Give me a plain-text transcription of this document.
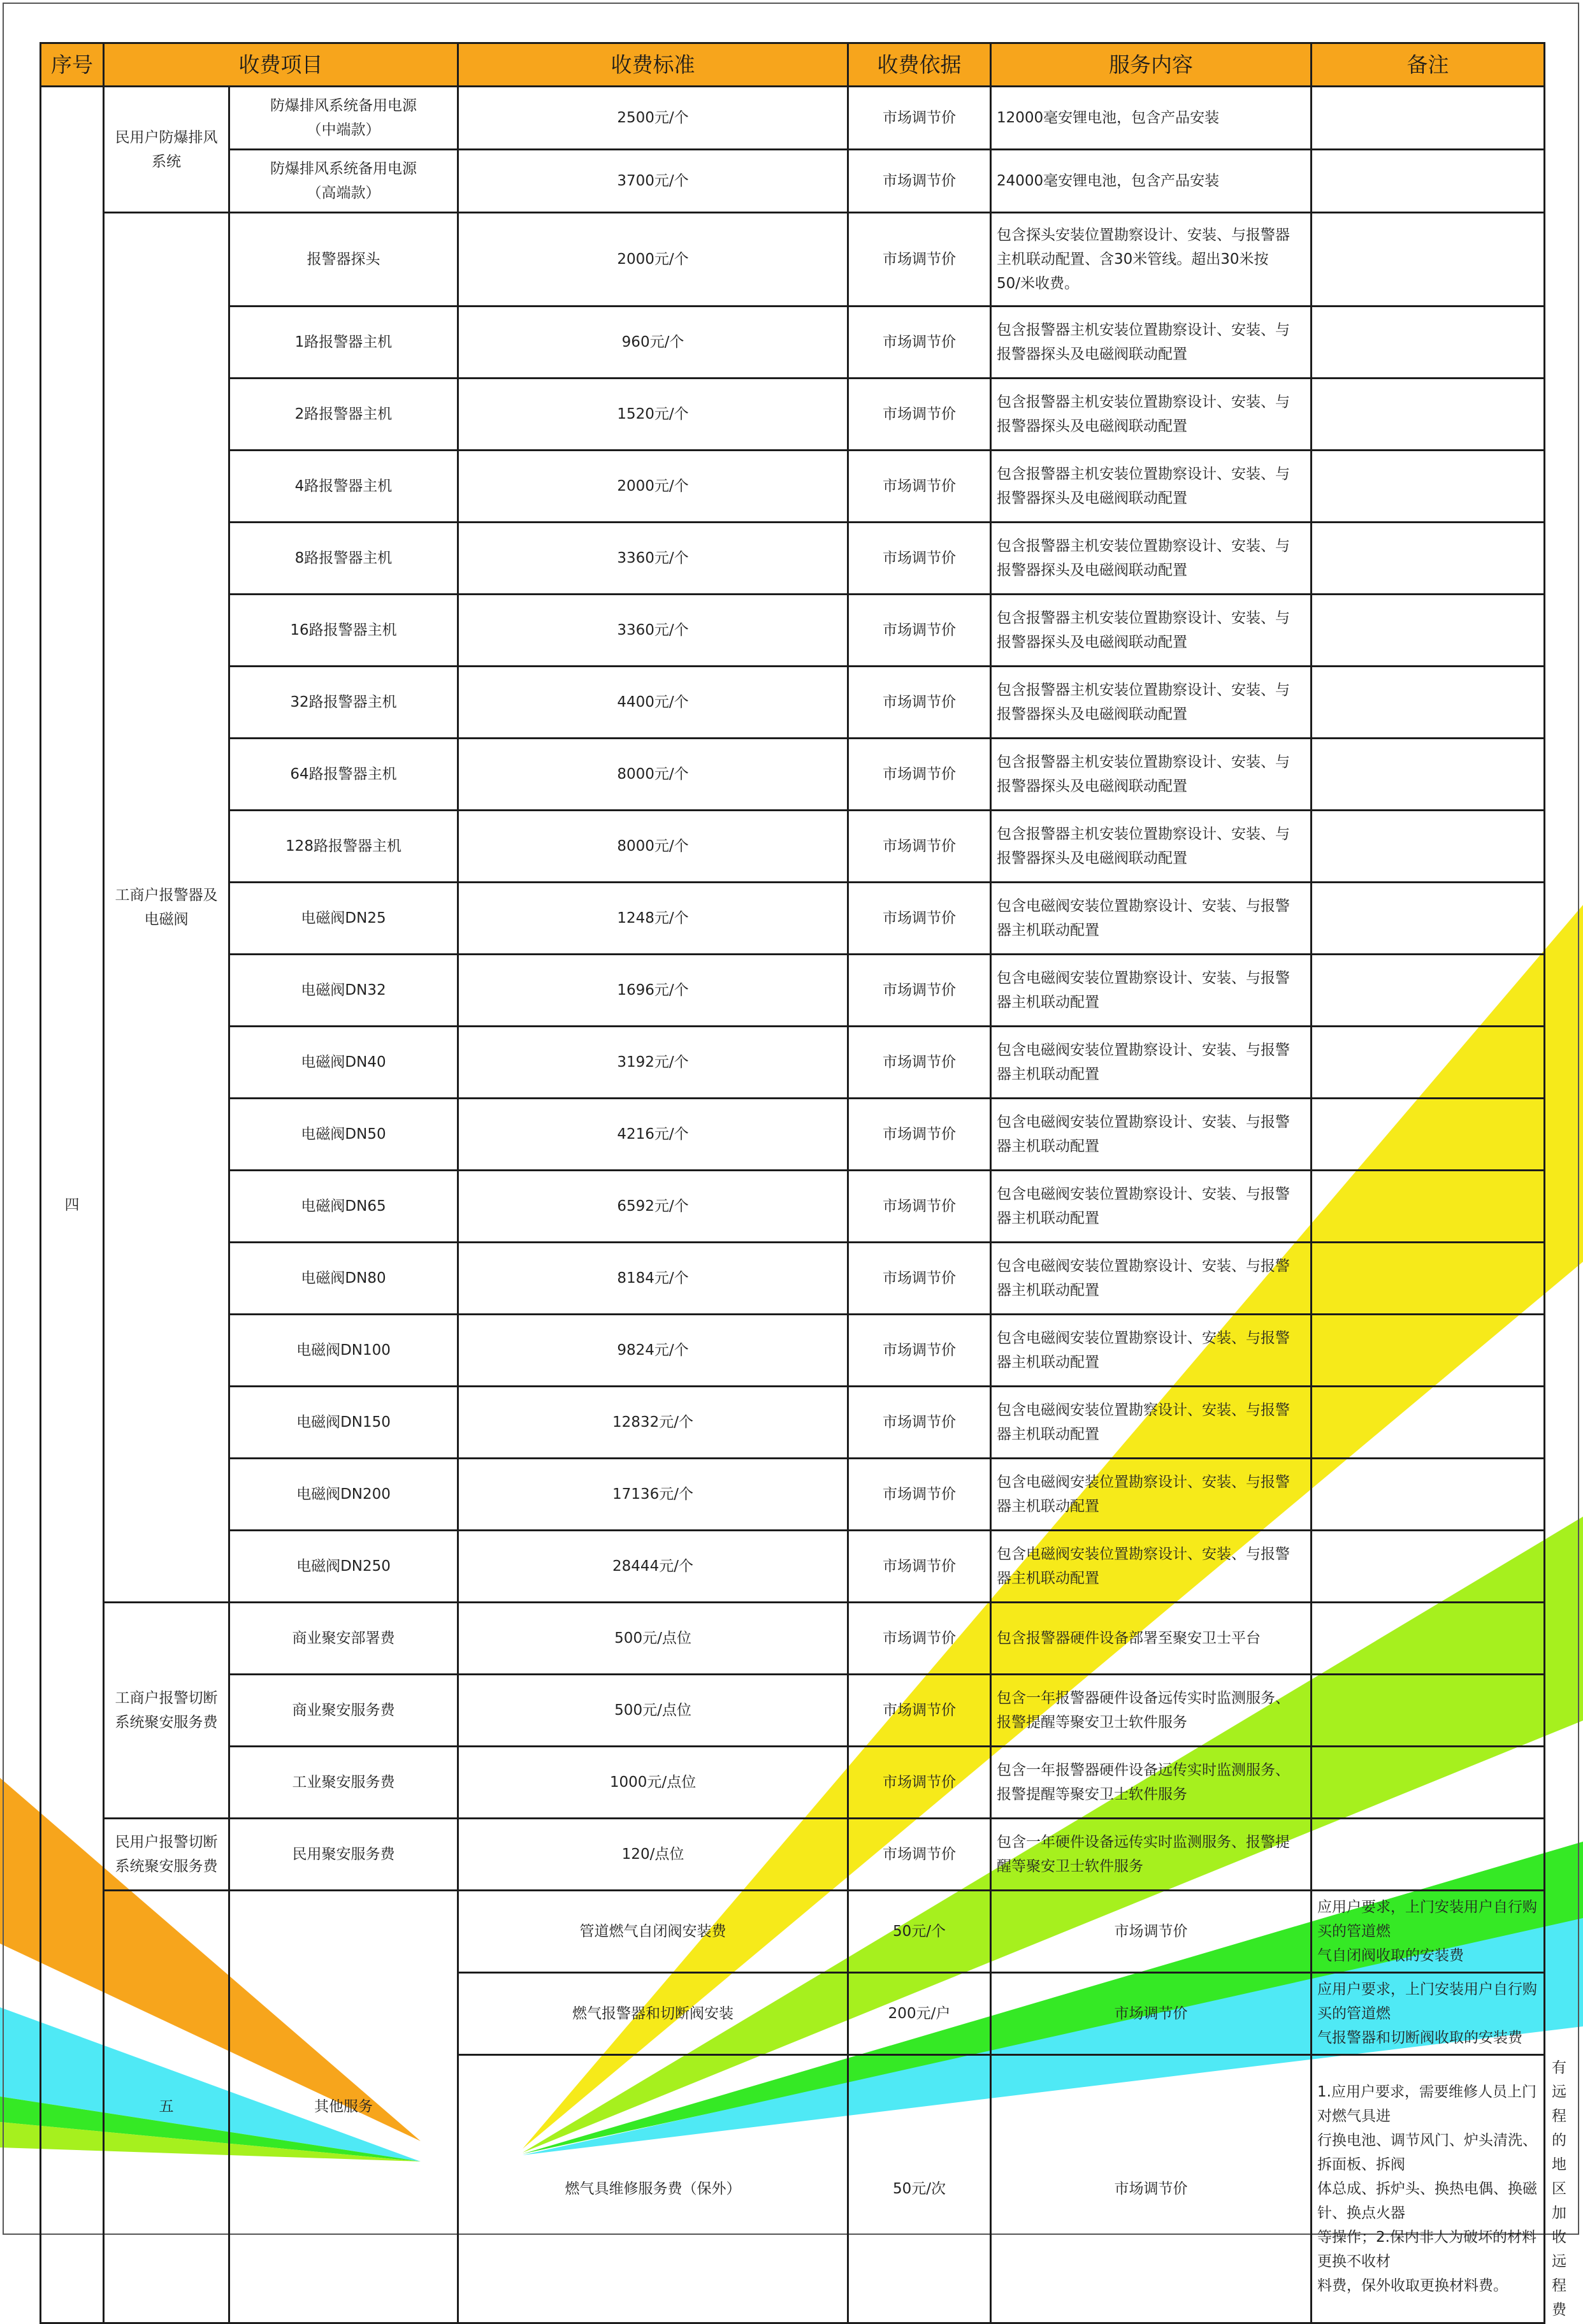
序号	收费项目		收费标准	收费依据	服务内容	备注	
四	民用户防爆排风系统	防爆排风系统备用电源
（中端款）	2500元/个	市场调节价	12000毫安锂电池，包含产品安装		

		防爆排风系统备用电源
（高端款）	3700元/个	市场调节价	24000毫安锂电池，包含产品安装		

	工商户报警器及电磁阀	报警器探头	2000元/个	市场调节价	包含探头安装位置勘察设计、安装、与报警器
主机联动配置、含30米管线。超出30米按
50/米收费。		

		1路报警器主机	960元/个	市场调节价	包含报警器主机安装位置勘察设计、安装、与
报警器探头及电磁阀联动配置		

		2路报警器主机	1520元/个	市场调节价	包含报警器主机安装位置勘察设计、安装、与
报警器探头及电磁阀联动配置		

		4路报警器主机	2000元/个	市场调节价	包含报警器主机安装位置勘察设计、安装、与
报警器探头及电磁阀联动配置		

		8路报警器主机	3360元/个	市场调节价	包含报警器主机安装位置勘察设计、安装、与
报警器探头及电磁阀联动配置		

		16路报警器主机	3360元/个	市场调节价	包含报警器主机安装位置勘察设计、安装、与
报警器探头及电磁阀联动配置		

		32路报警器主机	4400元/个	市场调节价	包含报警器主机安装位置勘察设计、安装、与
报警器探头及电磁阀联动配置		

		64路报警器主机	8000元/个	市场调节价	包含报警器主机安装位置勘察设计、安装、与
报警器探头及电磁阀联动配置		

		128路报警器主机	8000元/个	市场调节价	包含报警器主机安装位置勘察设计、安装、与
报警器探头及电磁阀联动配置		

		电磁阀DN25	1248元/个	市场调节价	包含电磁阀安装位置勘察设计、安装、与报警
器主机联动配置		

		电磁阀DN32	1696元/个	市场调节价	包含电磁阀安装位置勘察设计、安装、与报警
器主机联动配置		

		电磁阀DN40	3192元/个	市场调节价	包含电磁阀安装位置勘察设计、安装、与报警
器主机联动配置		

		电磁阀DN50	4216元/个	市场调节价	包含电磁阀安装位置勘察设计、安装、与报警
器主机联动配置		

		电磁阀DN65	6592元/个	市场调节价	包含电磁阀安装位置勘察设计、安装、与报警
器主机联动配置		

		电磁阀DN80	8184元/个	市场调节价	包含电磁阀安装位置勘察设计、安装、与报警
器主机联动配置		

		电磁阀DN100	9824元/个	市场调节价	包含电磁阀安装位置勘察设计、安装、与报警
器主机联动配置		

		电磁阀DN150	12832元/个	市场调节价	包含电磁阀安装位置勘察设计、安装、与报警
器主机联动配置		

		电磁阀DN200	17136元/个	市场调节价	包含电磁阀安装位置勘察设计、安装、与报警
器主机联动配置		

		电磁阀DN250	28444元/个	市场调节价	包含电磁阀安装位置勘察设计、安装、与报警
器主机联动配置		

	工商户报警切断系统聚安服务费	商业聚安部署费	500元/点位	市场调节价	包含报警器硬件设备部署至聚安卫士平台		

		商业聚安服务费	500元/点位	市场调节价	包含一年报警器硬件设备远传实时监测服务、
报警提醒等聚安卫士软件服务		

		工业聚安服务费	1000元/点位	市场调节价	包含一年报警器硬件设备远传实时监测服务、
报警提醒等聚安卫士软件服务		

	民用户报警切断系统聚安服务费	民用聚安服务费	120/点位	市场调节价	包含一年硬件设备远传实时监测服务、报警提
醒等聚安卫士软件服务		

	五	其他服务	管道燃气自闭阀安装费	50元/个	市场调节价	应用户要求，上门安装用户自行购买的管道燃
气自闭阀收取的安装费	

			燃气报警器和切断阀安装	200元/户	市场调节价	应用户要求，上门安装用户自行购买的管道燃
气报警器和切断阀收取的安装费	

			燃气具维修服务费（保外）	50元/次	市场调节价	1.应用户要求，需要维修人员上门对燃气具进
行换电池、调节风门、炉头清洗、拆面板、拆阀
体总成、拆炉头、换热电偶、换磁针、换点火器
等操作；2.保内非人为破坏的材料更换不收材
料费，保外收取更换材料费。	有远程的地区加收远程费
